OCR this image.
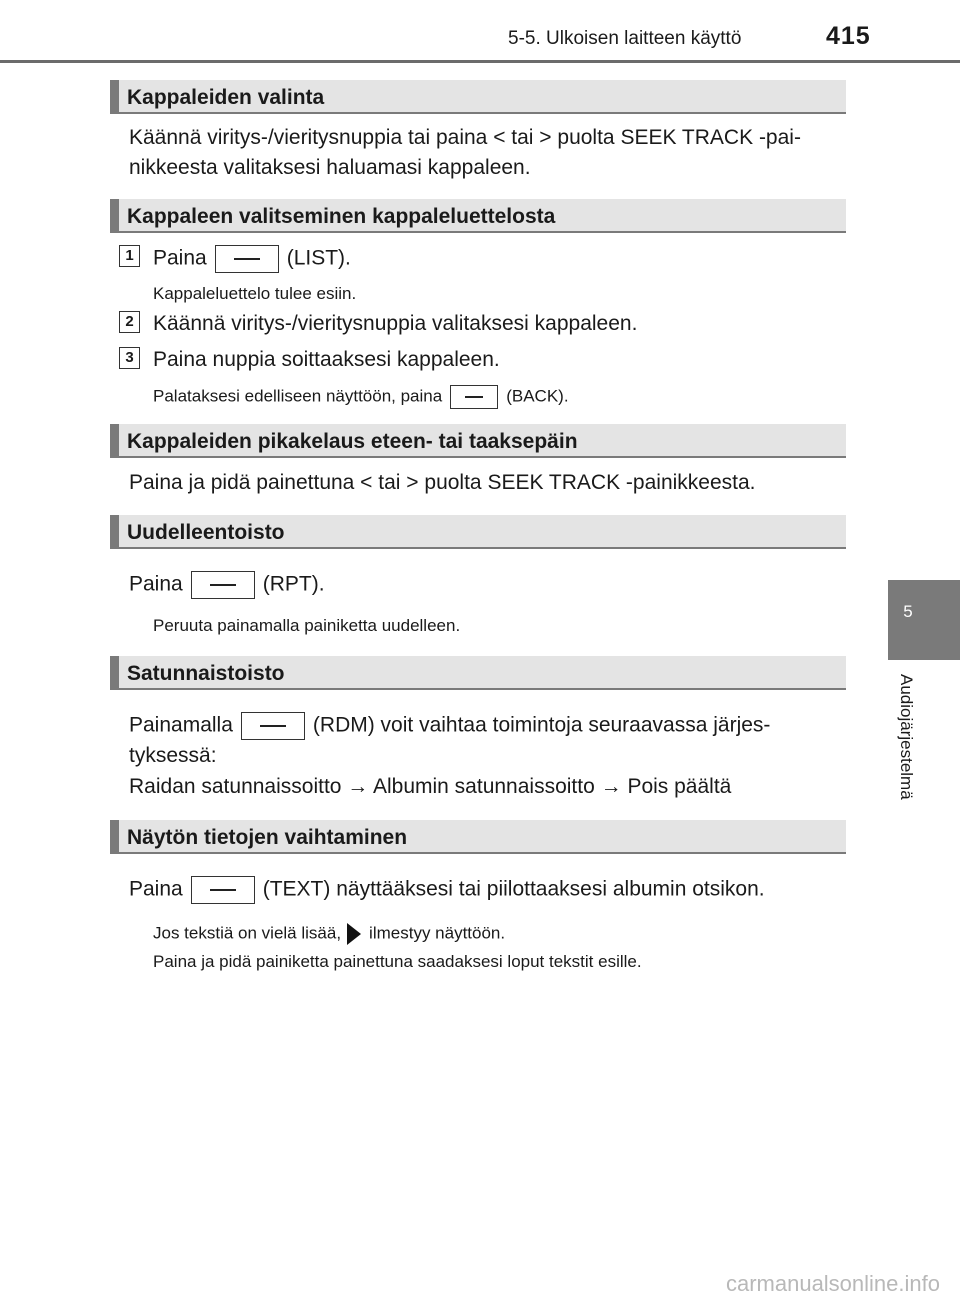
5-5. Ulkoisen laitteen käyttö	415
5
Audiojärjestelmä
Kappaleiden valinta
Käännä viritys-/vieritysnuppia tai paina < tai > puolta SEEK TRACK -pai-
nikkeesta valitaksesi haluamasi kappaleen.
Kappaleen valitseminen kappaleluettelosta
1 Paina	(LIST).
Kappaleluettelo tulee esiin.
2 Käännä viritys-/vieritysnuppia valitaksesi kappaleen.
3 Paina nuppia soittaaksesi kappaleen.
Palataksesi edelliseen näyttöön, paina	(BACK).
Kappaleiden pikakelaus eteen- tai taaksepäin
Paina ja pidä painettuna < tai > puolta SEEK TRACK -painikkeesta.
Uudelleentoisto
Paina	(RPT).
Peruuta painamalla painiketta uudelleen.
Satunnaistoisto
Painamalla	(RDM) voit vaihtaa toimintoja seuraavassa järjes-
tyksessä:
Raidan satunnaissoitto → Albumin satunnaissoitto → Pois päältä
Näytön tietojen vaihtaminen
Paina	(TEXT) näyttääksesi tai piilottaaksesi albumin otsikon.
Jos tekstiä on vielä lisää, ilmestyy näyttöön.
Paina ja pidä painiketta painettuna saadaksesi loput tekstit esille.
carmanualsonline.info
